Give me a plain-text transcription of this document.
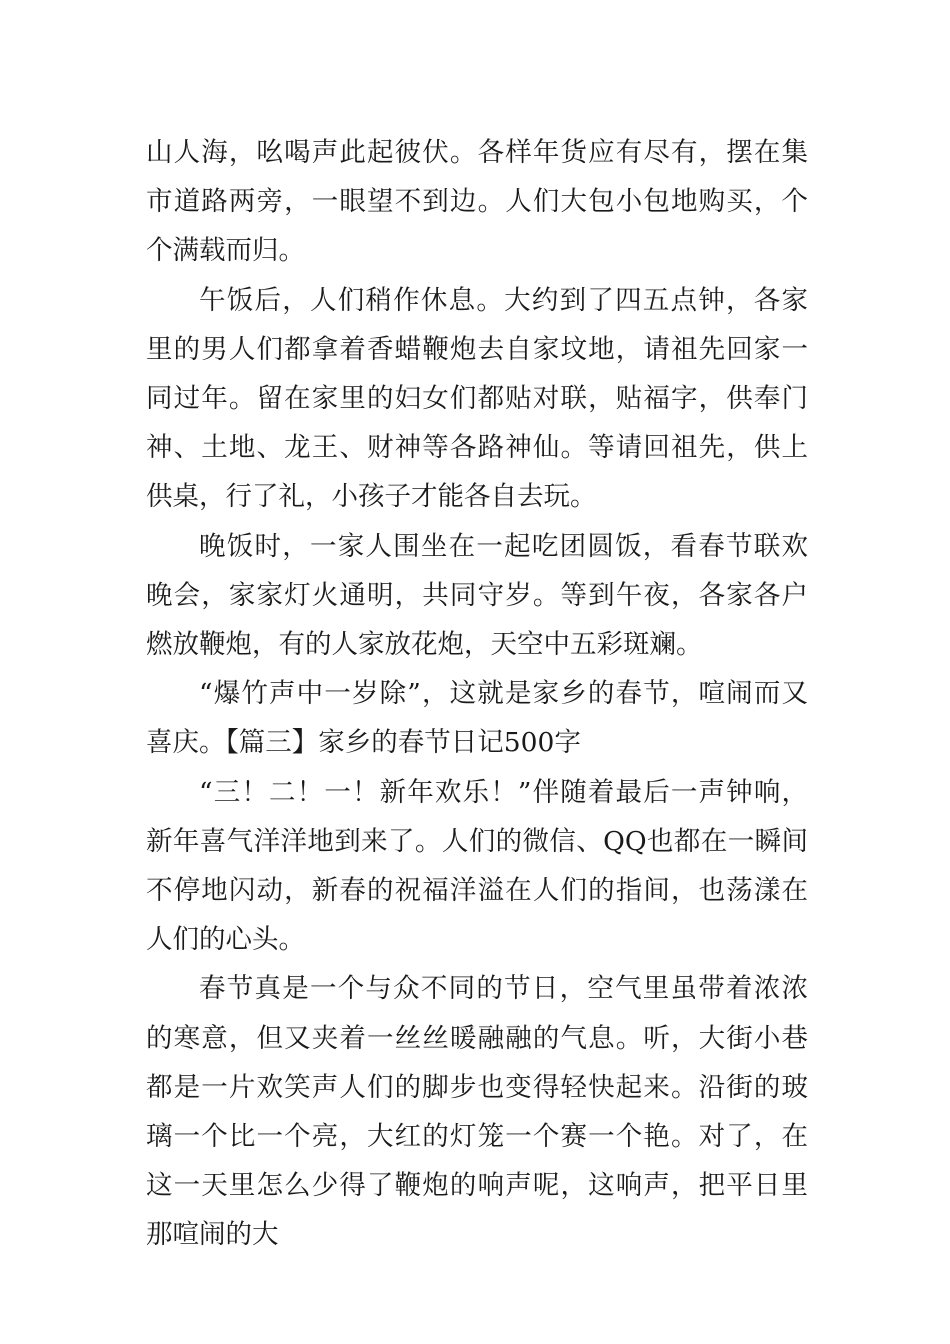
山人海，吆喝声此起彼伏。各样年货应有尽有，摆在集市道路两旁，一眼望不到边。人们大包小包地购买，个个满载而归。

午饭后，人们稍作休息。大约到了四五点钟，各家里的男人们都拿着香蜡鞭炮去自家坟地，请祖先回家一同过年。留在家里的妇女们都贴对联，贴福字，供奉门神、土地、龙王、财神等各路神仙。等请回祖先，供上供桌，行了礼，小孩子才能各自去玩。

晚饭时，一家人围坐在一起吃团圆饭，看春节联欢晚会，家家灯火通明，共同守岁。等到午夜，各家各户燃放鞭炮，有的人家放花炮，天空中五彩斑斓。

“爆竹声中一岁除”，这就是家乡的春节，喧闹而又喜庆。【篇三】家乡的春节日记500字

“三！二！一！新年欢乐！”伴随着最后一声钟响，新年喜气洋洋地到来了。人们的微信、QQ也都在一瞬间不停地闪动，新春的祝福洋溢在人们的指间，也荡漾在人们的心头。

春节真是一个与众不同的节日，空气里虽带着浓浓的寒意，但又夹着一丝丝暖融融的气息。听，大街小巷都是一片欢笑声人们的脚步也变得轻快起来。沿街的玻璃一个比一个亮，大红的灯笼一个赛一个艳。对了，在这一天里怎么少得了鞭炮的响声呢，这响声，把平日里那喧闹的大
